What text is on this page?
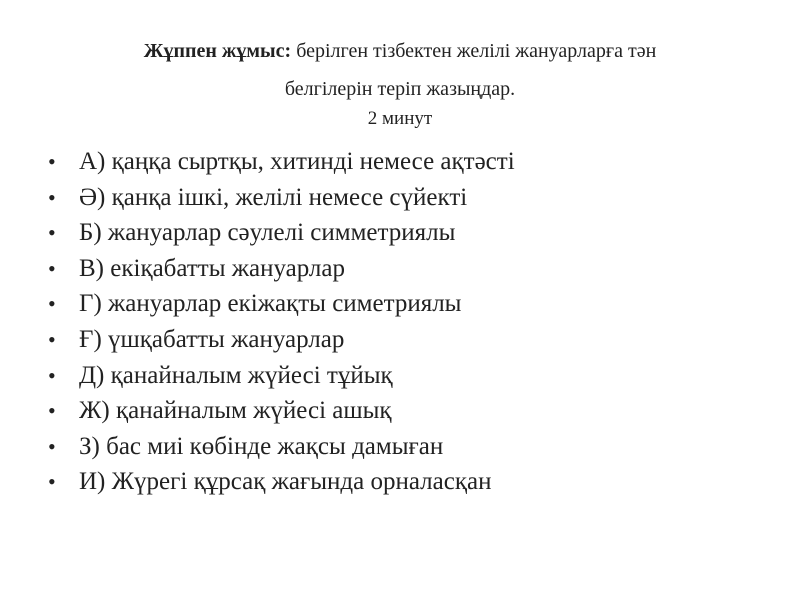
Жұппен жұмыс: берілген тізбектен желілі жануарларға тән
белгілерін теріп жазыңдар.
2 минут
• А) қаңқа сыртқы, хитинді немесе ақтәсті
• Ә) қанқа ішкі, желілі немесе сүйекті
• Б) жануарлар сәулелі симметриялы
• В) екіқабатты жануарлар
• Г) жануарлар екіжақты симетриялы
• Ғ) үшқабатты жануарлар
• Д) қанайналым жүйесі тұйық
• Ж) қанайналым жүйесі ашық
• З) бас миі көбінде жақсы дамыған
• И) Жүрегі құрсақ жағында орналасқан
